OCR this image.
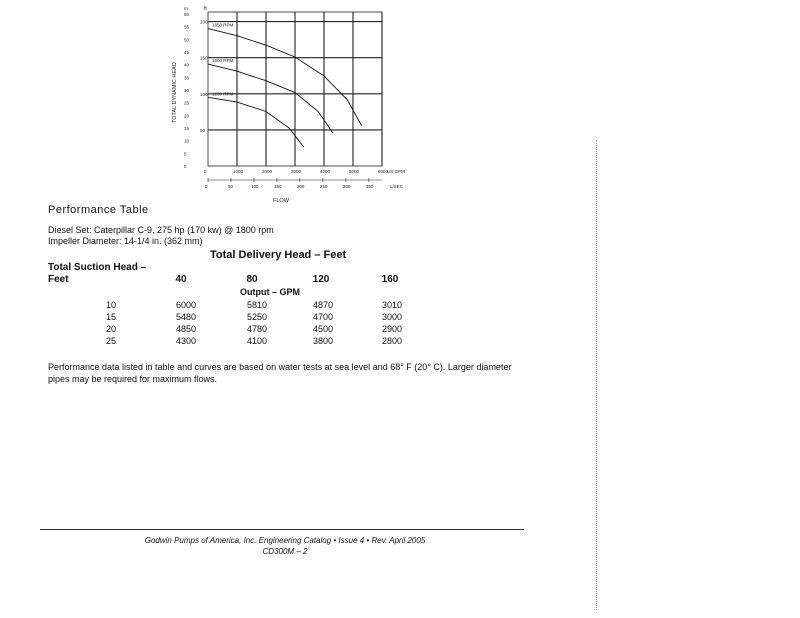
200
150
100
50
0	1000	2000	3000	4000	5000	6000
60
55
50
45
40
35
30
25
20
15
10
5
0
m	ft
US GPM
0	50	100	150	200	250	300	350	L/SEC
FLOW
TOTAL DYNAMIC HEAD
1850 RPM
1500 RPM
1200 RPM
Performance Table
Diesel Set: Caterpillar C-9, 275 hp (170 kw) @ 1800 rpm
Impeller Diameter: 14-1/4 in. (362 mm)
Total Delivery Head – Feet
Total Suction Head –
Feet	40	80	120	160
Output – GPM
10	6000	5810	4870	3010
15	5480	5250	4700	3000
20	4850	4780	4500	2900
25	4300	4100	3800	2800
Performance data listed in table and curves are based on water tests at sea level and 68° F (20° C). Larger diameter pipes may be required for maximum flows.
Godwin Pumps of America, Inc. Engineering Catalog • Issue 4 • Rev. April 2005
CD300M – 2
